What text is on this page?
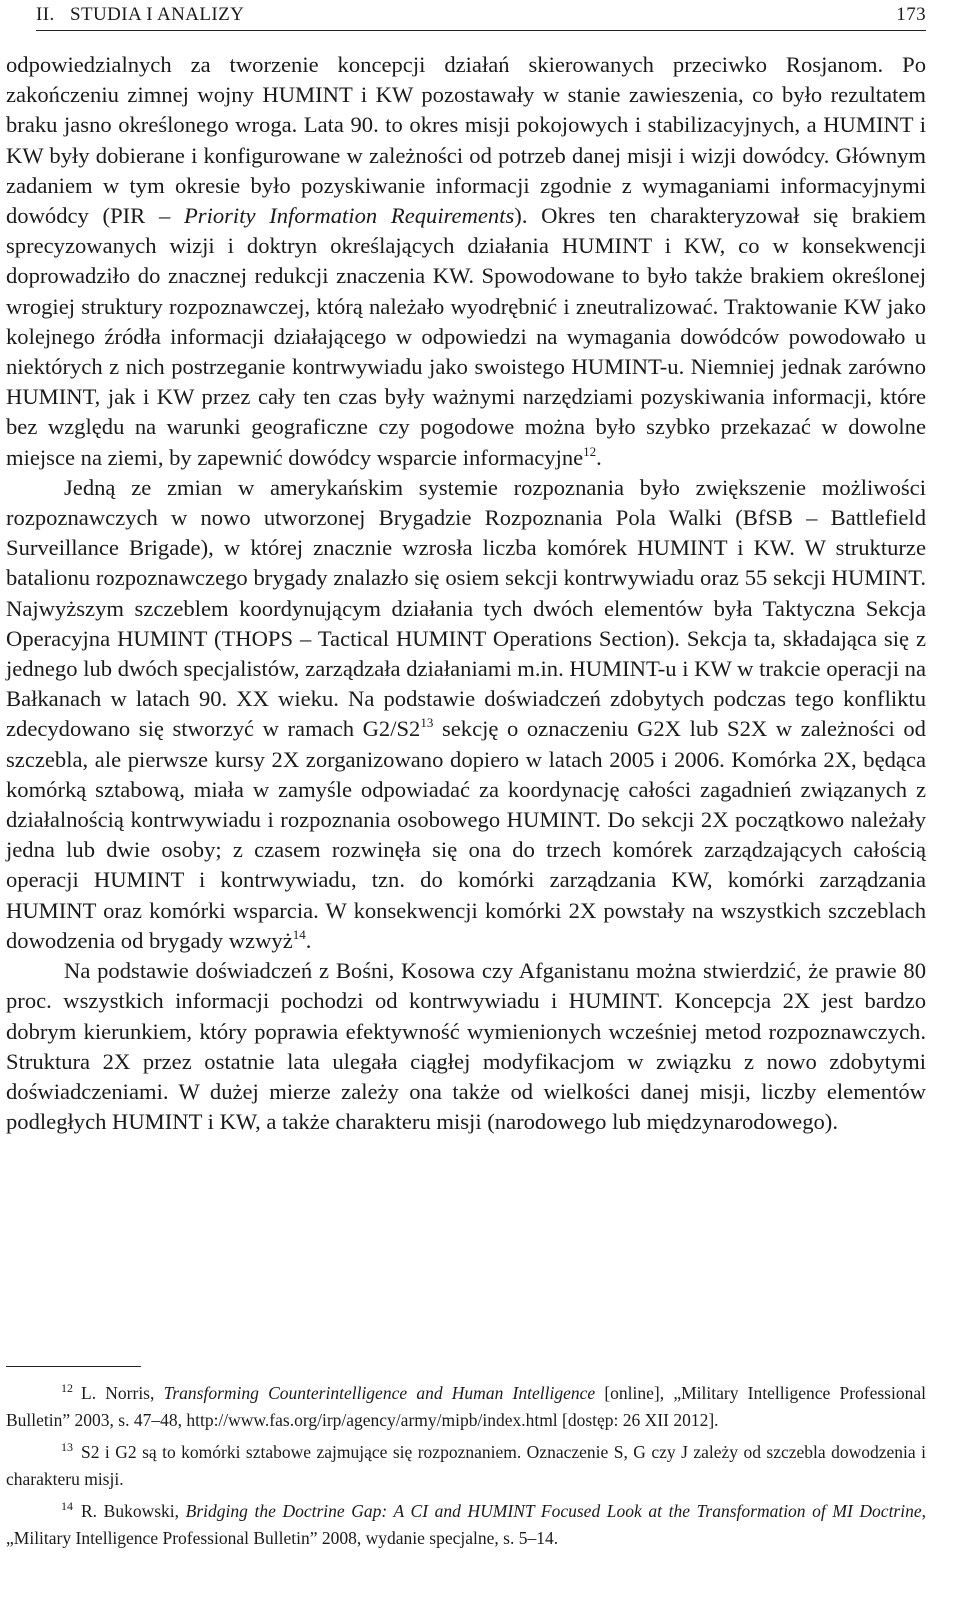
II.   STUDIA I ANALIZY	173

odpowiedzialnych za tworzenie koncepcji działań skierowanych przeciwko Rosjanom. Po zakończeniu zimnej wojny HUMINT i KW pozostawały w stanie zawieszenia, co było rezultatem braku jasno określonego wroga. Lata 90. to okres misji pokojowych i stabilizacyjnych, a HUMINT i KW były dobierane i konfigurowane w zależności od potrzeb danej misji i wizji dowódcy. Głównym zadaniem w tym okresie było pozyskiwanie informacji zgodnie z wymaganiami informacyjnymi dowódcy (PIR – Priority Information Requirements). Okres ten charakteryzował się brakiem sprecyzowanych wizji i doktryn określających działania HUMINT i KW, co w konsekwencji doprowadziło do znacznej redukcji znaczenia KW. Spowodowane to było także brakiem określonej wrogiej struktury rozpoznawczej, którą należało wyodrębnić i zneutralizować. Traktowanie KW jako kolejnego źródła informacji działającego w odpowiedzi na wymagania dowódców powodowało u niektórych z nich postrzeganie kontrwywiadu jako swoistego HUMINT-u. Niemniej jednak zarówno HUMINT, jak i KW przez cały ten czas były ważnymi narzędziami pozyskiwania informacji, które bez względu na warunki geograficzne czy pogodowe można było szybko przekazać w dowolne miejsce na ziemi, by zapewnić dowódcy wsparcie informacyjne$^{12}$.

Jedną ze zmian w amerykańskim systemie rozpoznania było zwiększenie możliwości rozpoznawczych w nowo utworzonej Brygadzie Rozpoznania Pola Walki (BfSB – Battlefield Surveillance Brigade), w której znacznie wzrosła liczba komórek HUMINT i KW. W strukturze batalionu rozpoznawczego brygady znalazło się osiem sekcji kontrwywiadu oraz 55 sekcji HUMINT. Najwyższym szczeblem koordynującym działania tych dwóch elementów była Taktyczna Sekcja Operacyjna HUMINT (THOPS – Tactical HUMINT Operations Section). Sekcja ta, składająca się z jednego lub dwóch specjalistów, zarządzała działaniami m.in. HUMINT-u i KW w trakcie operacji na Bałkanach w latach 90. XX wieku. Na podstawie doświadczeń zdobytych podczas tego konfliktu zdecydowano się stworzyć w ramach $G2/S2^{13}$ sekcję o oznaczeniu G2X lub S2X w zależności od szczebla, ale pierwsze kursy 2X zorganizowano dopiero w latach 2005 i 2006. Komórka 2X, będąca komórką sztabową, miała w zamyśle odpowiadać za koordynację całości zagadnień związanych z działalnością kontrwywiadu i rozpoznania osobowego HUMINT. Do sekcji 2X początkowo należały jedna lub dwie osoby; z czasem rozwinęła się ona do trzech komórek zarządzających całością operacji HUMINT i kontrwywiadu, tzn. do komórki zarządzania KW, komórki zarządzania HUMINT oraz komórki wsparcia. W konsekwencji komórki 2X powstały na wszystkich szczeblach dowodzenia od brygady wzwyż$^{14}$.

Na podstawie doświadczeń z Bośni, Kosowa czy Afganistanu można stwierdzić, że prawie 80 proc. wszystkich informacji pochodzi od kontrwywiadu i HUMINT. Koncepcja 2X jest bardzo dobrym kierunkiem, który poprawia efektywność wymienionych wcześniej metod rozpoznawczych. Struktura 2X przez ostatnie lata ulegała ciągłej modyfikacjom w związku z nowo zdobytymi doświadczeniami. W dużej mierze zależy ona także od wielkości danej misji, liczby elementów podległych HUMINT i KW, a także charakteru misji (narodowego lub międzynarodowego).

$^{12}$ L. Norris, Transforming Counterintelligence and Human Intelligence [online], „Military Intelligence Professional Bulletin” 2003, s. 47–48, http://www.fas.org/irp/agency/army/mipb/index.html [dostęp: 26 XII 2012].

$^{13}$ S2 i G2 są to komórki sztabowe zajmujące się rozpoznaniem. Oznaczenie S, G czy J zależy od szczebla dowodzenia i charakteru misji.

$^{14}$ R. Bukowski, Bridging the Doctrine Gap: A CI and HUMINT Focused Look at the Transformation of MI Doctrine, „Military Intelligence Professional Bulletin” 2008, wydanie specjalne, s. 5–14.
